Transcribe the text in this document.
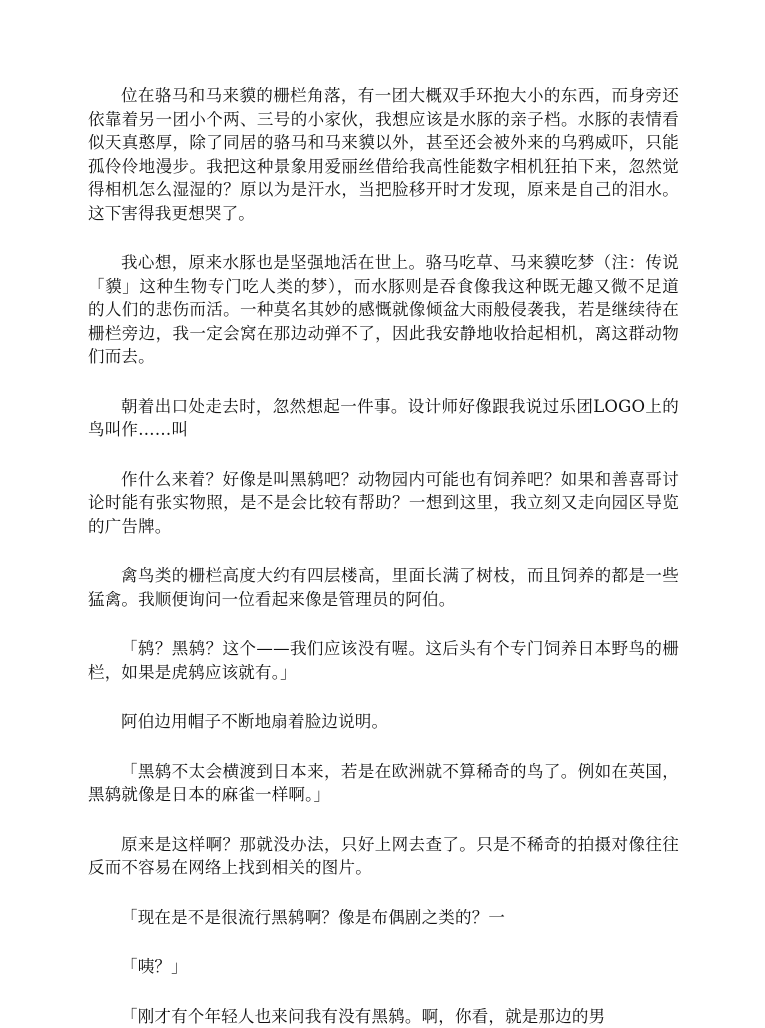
位在骆马和马来貘的栅栏角落，有一团大概双手环抱大小的东西，而身旁还依靠着另一团小个两、三号的小家伙，我想应该是水豚的亲子档。水豚的表情看似天真憨厚，除了同居的骆马和马来貘以外，甚至还会被外来的乌鸦威吓，只能孤伶伶地漫步。我把这种景象用爱丽丝借给我高性能数字相机狂拍下来，忽然觉得相机怎么湿湿的？原以为是汗水，当把脸移开时才发现，原来是自己的泪水。这下害得我更想哭了。

我心想，原来水豚也是坚强地活在世上。骆马吃草、马来貘吃梦（注：传说「貘」这种生物专门吃人类的梦），而水豚则是吞食像我这种既无趣又微不足道的人们的悲伤而活。一种莫名其妙的感慨就像倾盆大雨般侵袭我，若是继续待在栅栏旁边，我一定会窝在那边动弹不了，因此我安静地收拾起相机，离这群动物们而去。

朝着出口处走去时，忽然想起一件事。设计师好像跟我说过乐团LOGO上的鸟叫作……叫

作什么来着？好像是叫黑鸫吧？动物园内可能也有饲养吧？如果和善喜哥讨论时能有张实物照，是不是会比较有帮助？一想到这里，我立刻又走向园区导览的广告牌。

禽鸟类的栅栏高度大约有四层楼高，里面长满了树枝，而且饲养的都是一些猛禽。我顺便询问一位看起来像是管理员的阿伯。

「鸫？黑鸫？这个——我们应该没有喔。这后头有个专门饲养日本野鸟的栅栏，如果是虎鸫应该就有。」

阿伯边用帽子不断地扇着脸边说明。

「黑鸫不太会横渡到日本来，若是在欧洲就不算稀奇的鸟了。例如在英国，黑鸫就像是日本的麻雀一样啊。」

原来是这样啊？那就没办法，只好上网去查了。只是不稀奇的拍摄对像往往反而不容易在网络上找到相关的图片。

「现在是不是很流行黑鸫啊？像是布偶剧之类的？一

「咦？」

「刚才有个年轻人也来问我有没有黑鸫。啊，你看，就是那边的男
